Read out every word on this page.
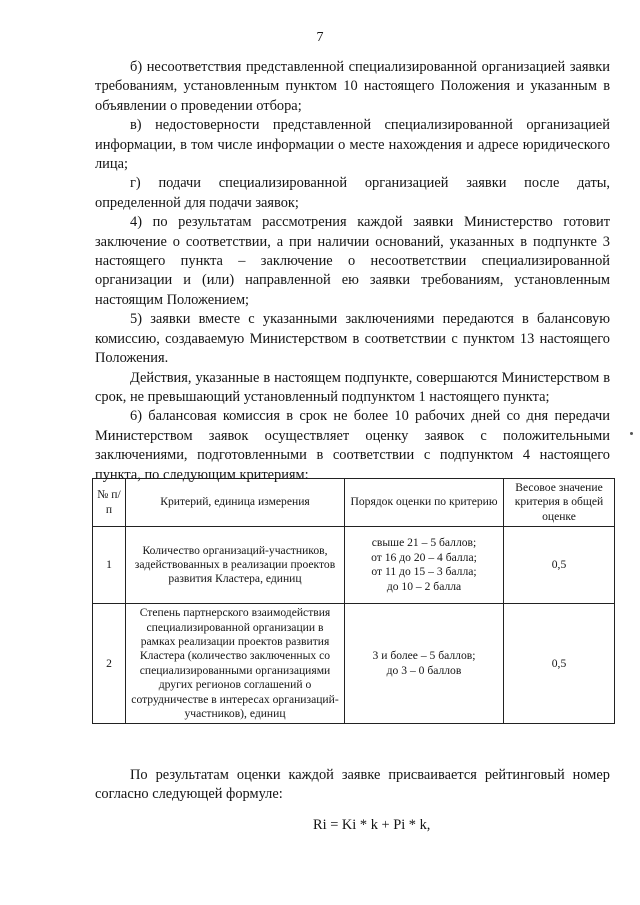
7

б) несоответствия представленной специализированной организацией заявки требованиям, установленным пунктом 10 настоящего Положения и указанным в объявлении о проведении отбора;

в) недостоверности представленной специализированной организацией информации, в том числе информации о месте нахождения и адресе юридического лица;

г) подачи специализированной организацией заявки после даты, определенной для подачи заявок;

4) по результатам рассмотрения каждой заявки Министерство готовит заключение о соответствии, а при наличии оснований, указанных в подпункте 3 настоящего пункта – заключение о несоответствии специализированной организации и (или) направленной ею заявки требованиям, установленным настоящим Положением;

5) заявки вместе с указанными заключениями передаются в балансовую комиссию, создаваемую Министерством в соответствии с пунктом 13 настоящего Положения.

Действия, указанные в настоящем подпункте, совершаются Министерством в срок, не превышающий установленный подпунктом 1 настоящего пункта;

6) балансовая комиссия в срок не более 10 рабочих дней со дня передачи Министерством заявок осуществляет оценку заявок с положительными заключениями, подготовленными в соответствии с подпунктом 4 настоящего пункта, по следующим критериям:

№ п/п	Критерий, единица измерения	Порядок оценки по критерию	Весовое значение критерия в общей оценке
1	Количество организаций-участников, задействованных в реализации проектов развития Кластера, единиц	свыше 21 – 5 баллов;
от 16 до 20 – 4 балла;
от 11 до 15 – 3 балла;
до 10 – 2 балла	0,5
2	Степень партнерского взаимодействия специализированной организации в рамках реализации проектов развития Кластера (количество заключенных со специализированными организациями других регионов соглашений о сотрудничестве в интересах организаций-участников), единиц	3 и более – 5 баллов;
до 3 – 0 баллов	0,5

По результатам оценки каждой заявке присваивается рейтинговый номер согласно следующей формуле:

Ri = Ki * k + Pi * k,
